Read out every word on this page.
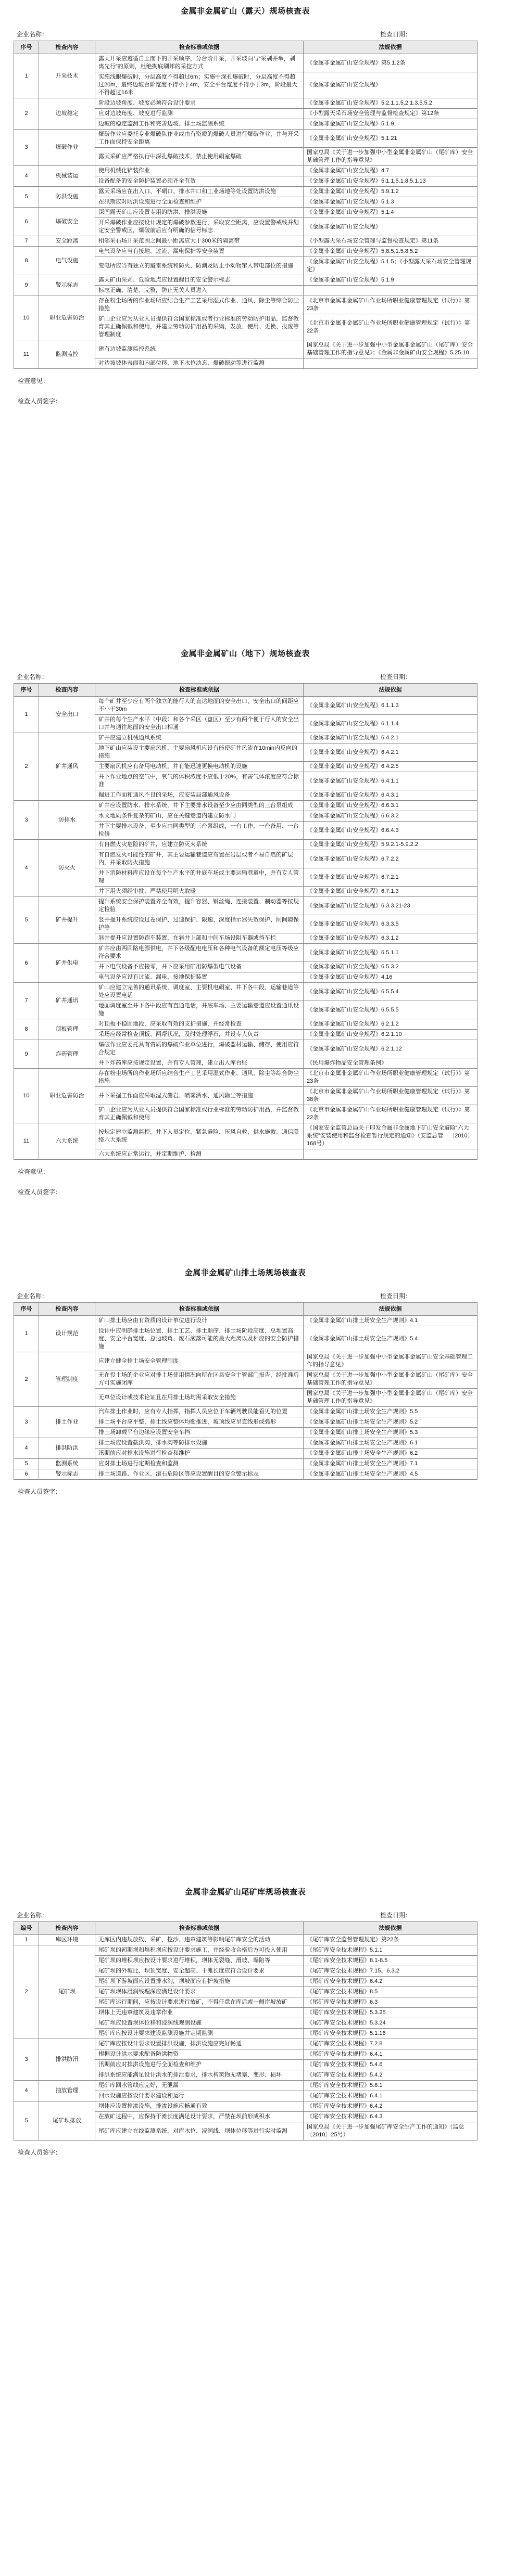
金属非金属矿山（露天）规场核查表
企业名称：	检查日期：
序号	检查内容	检查标准或依据	法规依据
1	开采技术	露天开采应遵循自上而下的开采顺序，分台阶开采，开采坡向与“采剥并举，剥离先行”的原则，杜绝掏底刷邦的采挖方式	《金属非金属矿山安全规程》第5.1.2条
		实施浅眼爆破时，分层高度不得超过6m；实施中深孔爆破时，分层高度不得超过20m，最终边坡台阶宽度不得小于4m，安全平台宽度不得小于3m，阶段最大不得超过16米	《金属非金属矿山安全规程》
2	边坡稳定	阶段边坡角度、坡度必须符合设计要求	《金属非金属矿山安全规程》5.2.1.1.5,2.1.3,5.5.2
		应对边坡角度、坡度进行监测	《小型露天采石场安全管理与监督检查规定》第12条
		边坡的稳定监测工作和完善边坡、排土场监测系统	《金属非金属矿山安全规程》5.1.9
3	爆破作业	爆破作业应委托专业爆破队作业或由有资质的爆破人员进行爆破作业，并与开采工作面保持安全距离	《金属非金属矿山安全规程》5.1.21
		露天采矿应严格执行中深孔爆破技术，禁止使用硐室爆破	国家总局《关于进一步加强中小型金属非金属矿山（尾矿库）安全基础管理工作的指导意见》
4	机械装运	使用机械化铲装作业	《金属非金属矿山安全规程》4.7
		设备配备的安全防护装置必须齐全有效	《金属非金属矿山安全规程》5.1.1,5.1.8,5.1.13
5	防洪设施	露天采场应在出入口、平硐口、排水井口和工业场地等处设置防洪设施	《金属非金属矿山安全规程》5.9.1.2
		在汛期应对防洪设施进行全面检查和维护	《金属非金属矿山安全规程》5.1.3
6	爆破安全	深凹露天矿山应设置专用的防洪、排洪设施	《金属非金属矿山安全规程》5.1.4
		开采爆破作业应按设计规定的爆破参数进行，采取安全距离，应设置警戒线并划定安全警戒区，爆破前后应有明确的信号标志	《金属非金属矿山安全规程》
7	安全距离	相邻采石场开采范围之间最小距离应大于300米的隔离带	《小型露天采石场安全管理与监督检查规定》第11条
8	电气设施	电气设备应当有接地、过流、漏电保护等安全装置	《金属非金属矿山安全规程》5.8.5,1.5.8.5.2
		变电所应当有独立的避雷系统和防火、防潮及防止小动物窜入带电部位的措施	《金属非金属矿山安全规程》5.1.5；《小型露天采石场安全管理规定》
9	警示标志	露天矿山采剥、危险地点应设置醒目的安全警示标志	《金属非金属矿山安全规程》5.1.9
		标志正确、清楚、完整，防止无关人员进入	
10	职业危害防治	存在粉尘场所的作业场所应结合生产工艺采用湿式作业、通风、除尘等综合防尘措施	《北京市金属非金属矿山作业场所职业健康管理规定（试行）》第23条
		矿山企业应为从业人员提供符合国家标准或者行业标准的劳动防护用品，监督教育其正确佩戴和使用，并建立劳动防护用品的采购、发放、使用、更换、报废等管理制度	《北京市金属非金属矿山作业场所职业健康管理规定（试行）》第22条
11	监测监控	建有边坡监测监控系统	国家总局《关于进一步加强中小型金属非金属矿山（尾矿库）安全基础管理工作的指导意见》；《金属非金属矿山安全规程》5.25.10
		对边坡坡体表面和内部位移、地下水位动态、爆破振动等进行监测	
检查意见：
检查人员签字：
金属非金属矿山（地下）规场核查表
企业名称：	检查日期：
序号	检查内容	检查标准或依据	法规依据
1	安全出口	每个矿井至少应有两个独立的能行人的直达地面的安全出口，安全出口的间距应不小于30m	《金属非金属矿山安全规程》6.1.1.3
		矿井的每个生产水平（中段）和各个采区（盘区）至少有两个便于行人的安全出口并与通往地面的安全出口相通	《金属非金属矿山安全规程》6.1.1.4
2	矿井通风	矿井应建立机械通风系统	《金属非金属矿山安全规程》6.4.2.1
		地下矿山应装设主要扇风机，主要扇风机应设有能使矿井风流在10min内反向的措施	《金属非金属矿山安全规程》6.4.2.1
		主要扇风机应有备用电动机，并有能迅速更换电动机的设施	《金属非金属矿山安全规程》6.4.2.5
		井下作业地点的空气中，氧气的体积浓度不应低于20%，有害气体浓度应符合标准	《金属非金属矿山安全规程》6.4.1.1
		掘进工作面和通风不良的采场，应安装局部通风设备	《金属非金属矿山安全规程》6.4.3.1
3	防排水	矿井应设置防水、排水系统，井下主要排水设备至少应由同类型的三台泵组成	《金属非金属矿山安全规程》6.6.3.1
		水文地质条件复杂的矿山，应在关键巷道内建立防水门	《金属非金属矿山安全规程》6.6.3.2
		井下主要排水设备，至少应由同类型的三台泵组成，一台工作、一台备用、一台检修	《金属非金属矿山安全规程》6.6.4.3
4	防灭火	有自燃火灾危险的矿井，应建立防灭火系统	《金属非金属矿山安全规程》5.9.2.1-5.9.2.2
		有自燃发火可能性的矿井，其主要运输巷道应布置在岩层或者不易自燃的矿层内，并采取防火措施	《金属非金属矿山安全规程》6.7.2.2
		井下消防材料库应设在每个生产水平的井底车场或主要运输巷道中，并有专人管理	《金属非金属矿山安全规程》6.7.2.1
		井下用火须经审批，严禁使用明火取暖	《金属非金属矿山安全规程》6.7.1.3
5	矿井提升	提升系统安全保护装置齐全有效，提升容器、钢丝绳、连接装置、制动器等按规定检验	《金属非金属矿山安全规程》6.3.3.21-23
		竖井提升系统应设过卷保护、过速保护、限速、深度指示器失效保护、闸间隙保护等	《金属非金属矿山安全规程》6.3.3.5
		斜井提升应设置防跑车装置，在斜井上部和中间车场设阻车器或挡车栏	《金属非金属矿山安全规程》6.3.1.2
6	矿井供电	矿井应由两回路电源供电，井下各级配电电压和各种电气设备的额定电压等级应符合要求	《金属非金属矿山安全规程》6.5.1.1
		井下电气设备不应接零，井下应采用矿用防爆型电气设备	《金属非金属矿山安全规程》6.5.3.2
		电气设备应设有过流、漏电、接地保护装置	《金属非金属矿山安全规程》4.16
7	矿井通讯	矿山应建立完善的通讯系统，调度室、主要机电硐室、井下各中段、运输巷道等处应设置电话	《金属非金属矿山安全规程》6.5.5.4
		地面调度室至井下各中段应有直通电话，井底车场、主要运输巷道应设置通讯设施	《金属非金属矿山安全规程》6.5.5.5
8	顶板管理	对顶板不稳固地段，应采取有效的支护措施，并经常检查	《金属非金属矿山安全规程》6.2.1.2
		采场应经常检查顶板、两帮状况，及时处理浮石，并设专人负责	《金属非金属矿山安全规程》6.2.1.10
9	炸药管理	爆破作业应委托具有资质的爆破作业单位进行，爆破器材运输、储存、使用应符合规定	《金属非金属矿山安全规程》6.2.1.12
		井下炸药库应按规定设置，并有专人管理，建立出入库台账	《民用爆炸物品安全管理条例》
10	职业危害防治	存在粉尘场所的作业场所应结合生产工艺采用湿式作业、通风、除尘等综合防尘措施	《北京市金属非金属矿山作业场所职业健康管理规定（试行）》第23条
		井下采掘工作面应采取湿式凿岩、喷雾洒水、通风除尘等措施	《北京市金属非金属矿山作业场所职业健康管理规定（试行）》第38条
		矿山企业应为从业人员提供符合国家标准或行业标准的劳动防护用品，并监督教育其正确佩戴和使用	《北京市金属非金属矿山作业场所职业健康管理规定（试行）》第22条
11	六大系统	按规定建立监测监控、井下人员定位、紧急避险、压风自救、供水施救、通信联络六大系统	《国家安全监管总局关于印发金属非金属地下矿山安全避险“六大系统”安装使用和监督检查暂行规定的通知》（安监总管一〔2010〕168号）
		六大系统应正常运行，并定期维护、检测	
检查意见：
检查人员签字：
金属非金属矿山排土场规场核查表
企业名称：	检查日期：
序号	检查内容	检查标准或依据	法规依据
1	设计规范	矿山排土场应由有资质的设计单位进行设计	《金属非金属矿山排土场安全生产规则》4.1
		设计中应明确排土场位置、排土工艺、排土顺序、排土场阶段高度、总堆置高度、安全平台宽度、总边坡角、废石滚落可能的最大距离以及相应的安全防护措施	《金属非金属矿山排土场安全生产规则》5.4
2	管理制度	应建立健全排土场安全管理制度	国家总局《关于进一步加强中小型金属非金属矿山安全基础管理工作的指导意见》
		无在役土场的企业应对排土场使用情况向所在区县安全主管部门报告，经批准后方可实施闭库	国家总局《关于进一步加强中小型金属非金属矿山（尾矿库）安全基础管理工作的指导意见》
		无单位设计或技术论证且在用排土场均需采取安全措施	国家总局《关于进一步加强中小型金属非金属矿山（尾矿库）安全基础管理工作的指导意见》
3	排土作业	汽车排土作业时，应有专人指挥，指挥人员应位于车辆驾驶员能看见的位置	《金属非金属矿山排土场安全生产规则》5.5
		排土场平台应平整，排土线应整体均衡推进，坡顶线应呈直线形或弧形	《金属非金属矿山排土场安全生产规则》5.2
		排土场卸载平台边缘应设置安全车挡	《金属非金属矿山排土场安全生产规则》5.3
4	排洪防洪	排土场应设置截洪沟、排水沟等防排水设施	《金属非金属矿山排土场安全生产规则》6.1
		汛期前应对排水设施进行检查和维护	《金属非金属矿山排土场安全生产规则》6.2
5	监测系统	应对排土场进行定期检查和监测	《金属非金属矿山排土场安全生产规则》7.1
6	警示标志	排土场道路、作业区、滚石危险区等应设置醒目的安全警示标志	《金属非金属矿山排土场安全生产规则》4.5
检查人员签字：
金属非金属矿山尾矿库规场核查表
企业名称：	检查日期：
编号	检查内容	检查标准或依据	法规依据
1	库区环境	无库区内违规放牧、采矿、挖沙、违章建筑等影响尾矿库安全的活动	《尾矿库安全监督管理规定》第22条
2	尾矿坝	尾矿坝的初期坝和堆积坝应按设计要求施工，并经验收合格后方可投入使用	《尾矿库安全技术规程》5.1.1
		尾矿坝的堆积坝应按设计要求进行堆积，坝体无裂缝、滑坡、塌陷等	《尾矿库安全技术规程》8.1-8.5
		尾矿坝的外坡比、坝顶宽度、安全超高、干滩长度应符合设计要求	《尾矿库安全技术规程》7.15、6.3.2
		尾矿坝下游坡面应设置排水沟，坝坡面应有护坡措施	《尾矿库安全技术规程》6.4.2
		尾矿坝坝体浸润线埋深应满足设计要求	《尾矿库安全技术规程》8.5
		尾矿库运行期间，应按设计要求进行放矿，不得任意在库后或一侧岸坡放矿	《尾矿库安全技术规程》6.3
		坝体上无违章建筑及违章作业	《尾矿库安全技术规程》5.3.25
		尾矿坝应设置坝体位移和浸润线观测设施	《尾矿库安全技术规程》5.3.24
		尾矿库应按设计要求建设监测设施并定期监测	《尾矿库安全技术规程》5.1.16
3	排洪防汛	尾矿库应按设计要求设置排洪设施，排洪设施应完好畅通	《尾矿库安全技术规程》7.2.8
		根据设计洪水要求配备防洪物资	《尾矿库安全技术规程》6.4.1
		汛期前应对排洪设施进行全面检查和维护	《尾矿库安全技术规程》5.4.6
		排洪系统应能满足设计洪水的排泄要求，排水构筑物无堵塞、变形、损坏	《尾矿库安全技术规程》5.4.2
4	抽放管理	尾矿库回水管线应完好，无泄漏	《尾矿库安全技术规程》5.6.1
		回水设施应按设计要求建设和运行	《尾矿库安全技术规程》6.4.1
5	尾矿坝排放	坝体应设置排渗设施，排渗设施应畅通有效	《尾矿库安全技术规程》6.4.2
		在放矿过程中，应保持干滩长度满足设计要求，严禁在坝前形成积水	《尾矿库安全技术规程》6.4.3
		尾矿库应建立在线监测系统，对库水位、浸润线、坝体位移等进行实时监测	国家总局《关于进一步加强尾矿库安全生产工作的通知》（监总〔2010〕25号）
检查人员签字：
